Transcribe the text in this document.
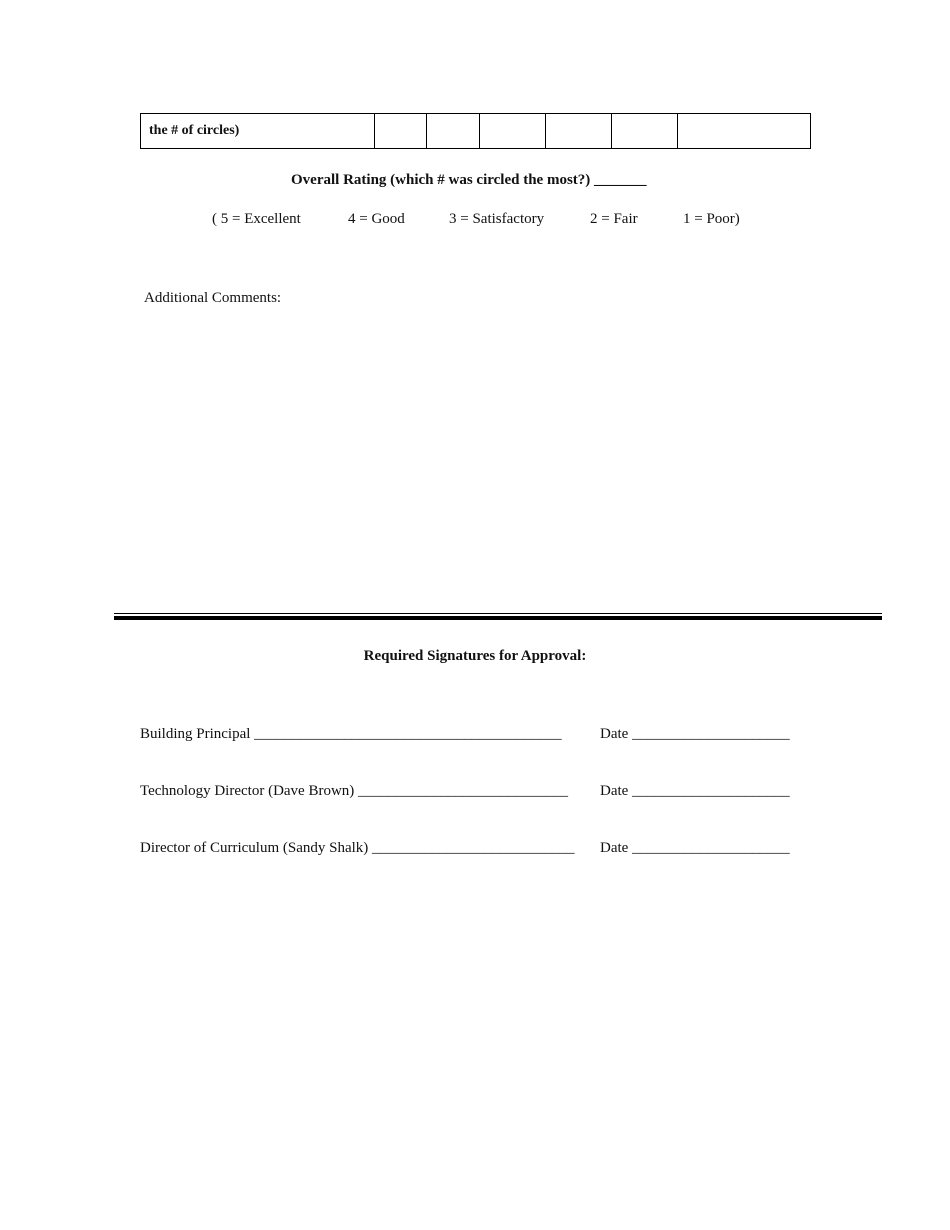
the # of circles)						
Overall Rating (which # was circled the most?) _______
( 5 = Excellent	4 = Good	3 = Satisfactory	2 = Fair	1 = Poor)
Additional Comments:
Required Signatures for Approval:
Building Principal _________________________________________	Date _____________________
Technology Director (Dave Brown) ____________________________ Date _____________________
Director of Curriculum (Sandy Shalk) ___________________________ Date _____________________
